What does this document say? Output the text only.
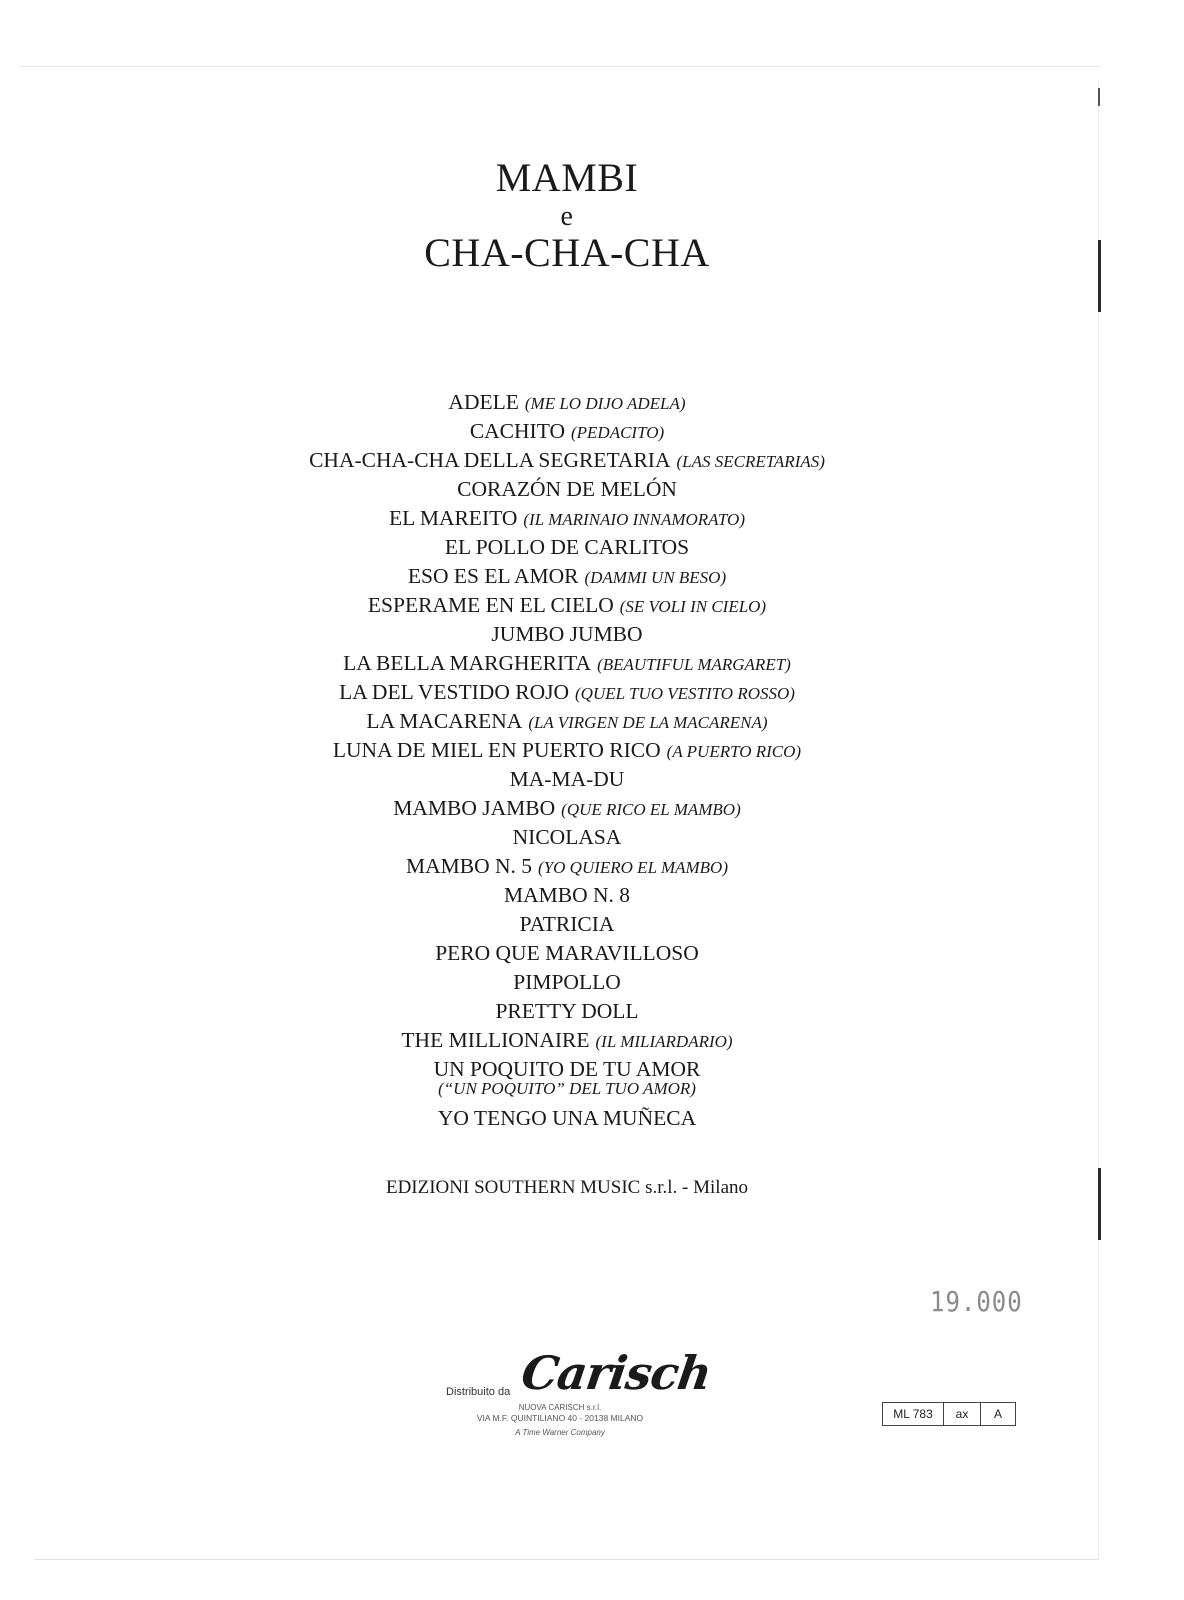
MAMBI
e
CHA-CHA-CHA
ADELE (ME LO DIJO ADELA)
CACHITO (PEDACITO)
CHA-CHA-CHA DELLA SEGRETARIA (LAS SECRETARIAS)
CORAZÓN DE MELÓN
EL MAREITO (IL MARINAIO INNAMORATO)
EL POLLO DE CARLITOS
ESO ES EL AMOR (DAMMI UN BESO)
ESPERAME EN EL CIELO (SE VOLI IN CIELO)
JUMBO JUMBO
LA BELLA MARGHERITA (BEAUTIFUL MARGARET)
LA DEL VESTIDO ROJO (QUEL TUO VESTITO ROSSO)
LA MACARENA (LA VIRGEN DE LA MACARENA)
LUNA DE MIEL EN PUERTO RICO (A PUERTO RICO)
MA-MA-DU
MAMBO JAMBO (QUE RICO EL MAMBO)
NICOLASA
MAMBO N. 5 (YO QUIERO EL MAMBO)
MAMBO N. 8
PATRICIA
PERO QUE MARAVILLOSO
PIMPOLLO
PRETTY DOLL
THE MILLIONAIRE (IL MILIARDARIO)
UN POQUITO DE TU AMOR
(“UN POQUITO” DEL TUO AMOR)
YO TENGO UNA MUÑECA
EDIZIONI SOUTHERN MUSIC s.r.l. - Milano
19.000
Distribuito da Carisch
NUOVA CARISCH s.r.l.
VIA M.F. QUINTILIANO 40 - 20138 MILANO
A Time Warner Company
ML 783	ax	A
